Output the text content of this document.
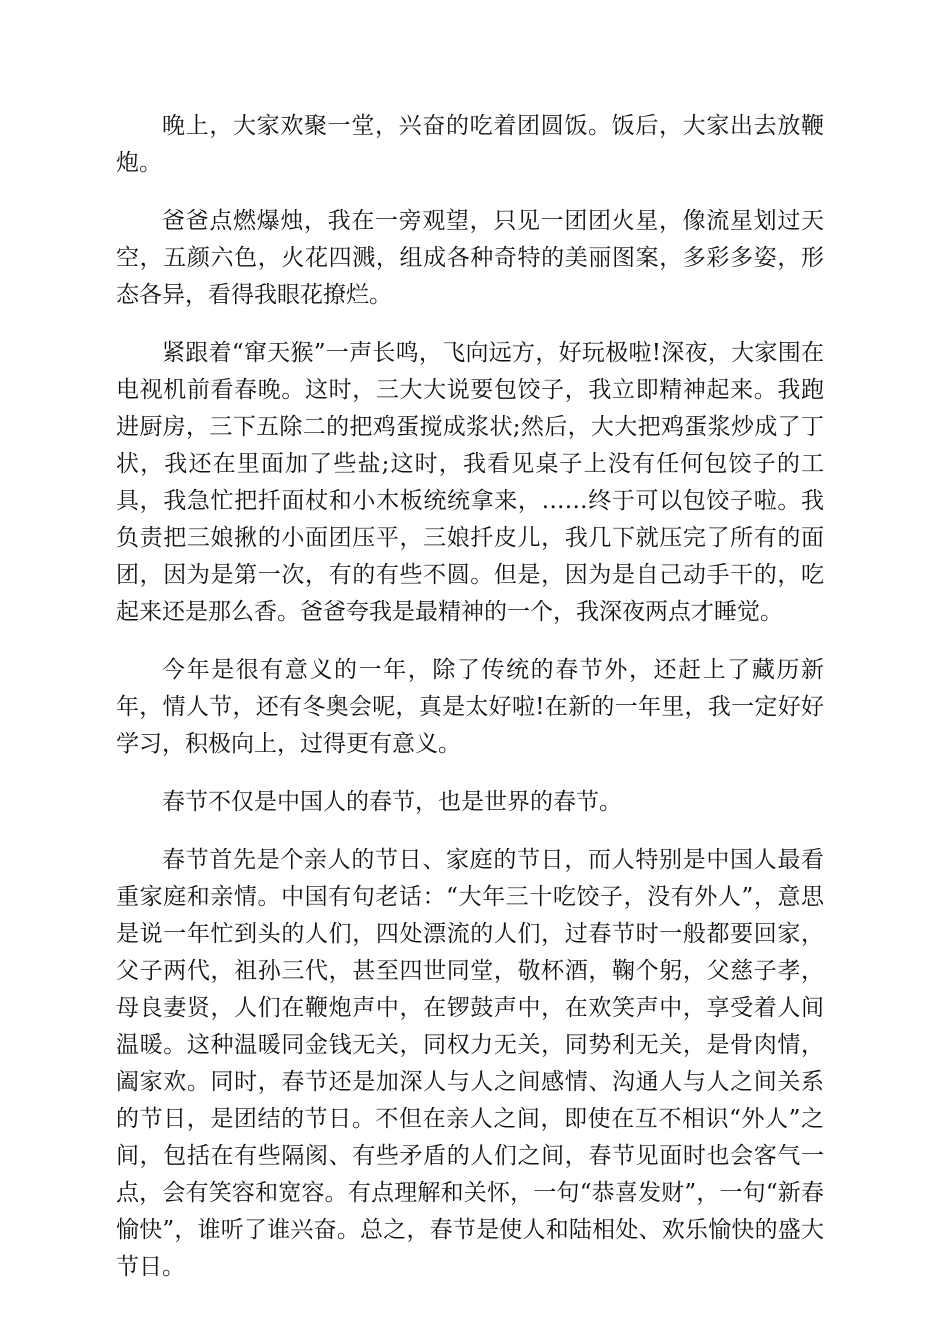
晚上，大家欢聚一堂，兴奋的吃着团圆饭。饭后，大家出去放鞭炮。

爸爸点燃爆烛，我在一旁观望，只见一团团火星，像流星划过天空，五颜六色，火花四溅，组成各种奇特的美丽图案，多彩多姿，形态各异，看得我眼花撩烂。

紧跟着“窜天猴”一声长鸣，飞向远方，好玩极啦!深夜，大家围在电视机前看春晚。这时，三大大说要包饺子，我立即精神起来。我跑进厨房，三下五除二的把鸡蛋搅成浆状;然后，大大把鸡蛋浆炒成了丁状，我还在里面加了些盐;这时，我看见桌子上没有任何包饺子的工具，我急忙把扦面杖和小木板统统拿来，……终于可以包饺子啦。我负责把三娘揪的小面团压平，三娘扦皮儿，我几下就压完了所有的面团，因为是第一次，有的有些不圆。但是，因为是自己动手干的，吃起来还是那么香。爸爸夸我是最精神的一个，我深夜两点才睡觉。

今年是很有意义的一年，除了传统的春节外，还赶上了藏历新年，情人节，还有冬奥会呢，真是太好啦!在新的一年里，我一定好好学习，积极向上，过得更有意义。

春节不仅是中国人的春节，也是世界的春节。

春节首先是个亲人的节日、家庭的节日，而人特别是中国人最看重家庭和亲情。中国有句老话：“大年三十吃饺子，没有外人”，意思是说一年忙到头的人们，四处漂流的人们，过春节时一般都要回家，父子两代，祖孙三代，甚至四世同堂，敬杯酒，鞠个躬，父慈子孝，母良妻贤，人们在鞭炮声中，在锣鼓声中，在欢笑声中，享受着人间温暖。这种温暖同金钱无关，同权力无关，同势利无关，是骨肉情，阖家欢。同时，春节还是加深人与人之间感情、沟通人与人之间关系的节日，是团结的节日。不但在亲人之间，即使在互不相识“外人”之间，包括在有些隔阂、有些矛盾的人们之间，春节见面时也会客气一点，会有笑容和宽容。有点理解和关怀，一句“恭喜发财”，一句“新春愉快”，谁听了谁兴奋。总之，春节是使人和陆相处、欢乐愉快的盛大节日。
